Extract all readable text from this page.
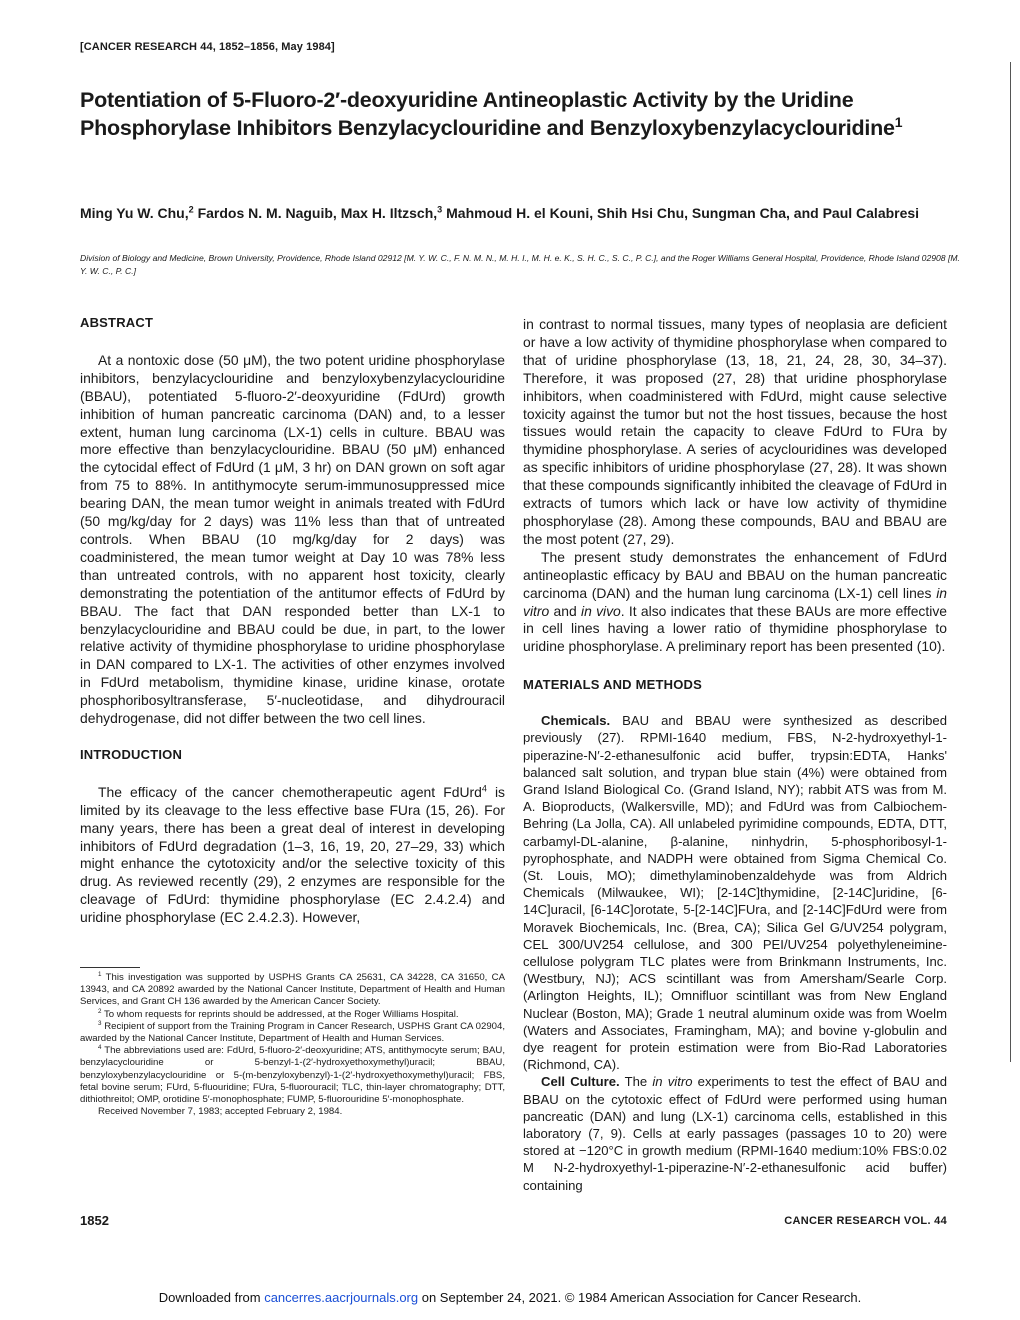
[CANCER RESEARCH 44, 1852–1856, May 1984]
Potentiation of 5-Fluoro-2′-deoxyuridine Antineoplastic Activity by the Uridine Phosphorylase Inhibitors Benzylacyclouridine and Benzyloxybenzylacyclouridine$^1$

Ming Yu W. Chu,$^2$ Fardos N. M. Naguib, Max H. Iltzsch,$^3$ Mahmoud H. el Kouni, Shih Hsi Chu, Sungman Cha, and Paul Calabresi

Division of Biology and Medicine, Brown University, Providence, Rhode Island 02912 [M. Y. W. C., F. N. M. N., M. H. I., M. H. e. K., S. H. C., S. C., P. C.], and the Roger Williams General Hospital, Providence, Rhode Island 02908 [M. Y. W. C., P. C.]

ABSTRACT

At a nontoxic dose (50 μM), the two potent uridine phosphorylase inhibitors, benzylacyclouridine and benzyloxybenzylacyclouridine (BBAU), potentiated 5-fluoro-2′-deoxyuridine (FdUrd) growth inhibition of human pancreatic carcinoma (DAN) and, to a lesser extent, human lung carcinoma (LX-1) cells in culture. BBAU was more effective than benzylacyclouridine. BBAU (50 μM) enhanced the cytocidal effect of FdUrd (1 μM, 3 hr) on DAN grown on soft agar from 75 to 88%. In antithymocyte serum-immunosuppressed mice bearing DAN, the mean tumor weight in animals treated with FdUrd (50 mg/kg/day for 2 days) was 11% less than that of untreated controls. When BBAU (10 mg/kg/day for 2 days) was coadministered, the mean tumor weight at Day 10 was 78% less than untreated controls, with no apparent host toxicity, clearly demonstrating the potentiation of the antitumor effects of FdUrd by BBAU. The fact that DAN responded better than LX-1 to benzylacyclouridine and BBAU could be due, in part, to the lower relative activity of thymidine phosphorylase to uridine phosphorylase in DAN compared to LX-1. The activities of other enzymes involved in FdUrd metabolism, thymidine kinase, uridine kinase, orotate phosphoribosyltransferase, 5′-nucleotidase, and dihydrouracil dehydrogenase, did not differ between the two cell lines.

INTRODUCTION

The efficacy of the cancer chemotherapeutic agent FdUrd$^4$ is limited by its cleavage to the less effective base FUra (15, 26). For many years, there has been a great deal of interest in developing inhibitors of FdUrd degradation (1–3, 16, 19, 20, 27–29, 33) which might enhance the cytotoxicity and/or the selective toxicity of this drug. As reviewed recently (29), 2 enzymes are responsible for the cleavage of FdUrd: thymidine phosphorylase (EC 2.4.2.4) and uridine phosphorylase (EC 2.4.2.3). However,

$^1$ This investigation was supported by USPHS Grants CA 25631, CA 34228, CA 31650, CA 13943, and CA 20892 awarded by the National Cancer Institute, Department of Health and Human Services, and Grant CH 136 awarded by the American Cancer Society.

$^2$ To whom requests for reprints should be addressed, at the Roger Williams Hospital.

$^3$ Recipient of support from the Training Program in Cancer Research, USPHS Grant CA 02904, awarded by the National Cancer Institute, Department of Health and Human Services.

$^4$ The abbreviations used are: FdUrd, 5-fluoro-2′-deoxyuridine; ATS, antithymocyte serum; BAU, benzylacyclouridine or 5-benzyl-1-(2′-hydroxyethoxymethyl)uracil; BBAU, benzyloxybenzylacyclouridine or 5-(m-benzyloxybenzyl)-1-(2′-hydroxyethoxymethyl)uracil; FBS, fetal bovine serum; FUrd, 5-fluouridine; FUra, 5-fluorouracil; TLC, thin-layer chromatography; DTT, dithiothreitol; OMP, orotidine 5′-monophosphate; FUMP, 5-fluorouridine 5′-monophosphate.

Received November 7, 1983; accepted February 2, 1984.

in contrast to normal tissues, many types of neoplasia are deficient or have a low activity of thymidine phosphorylase when compared to that of uridine phosphorylase (13, 18, 21, 24, 28, 30, 34–37). Therefore, it was proposed (27, 28) that uridine phosphorylase inhibitors, when coadministered with FdUrd, might cause selective toxicity against the tumor but not the host tissues, because the host tissues would retain the capacity to cleave FdUrd to FUra by thymidine phosphorylase. A series of acyclouridines was developed as specific inhibitors of uridine phosphorylase (27, 28). It was shown that these compounds significantly inhibited the cleavage of FdUrd in extracts of tumors which lack or have low activity of thymidine phosphorylase (28). Among these compounds, BAU and BBAU are the most potent (27, 29).

The present study demonstrates the enhancement of FdUrd antineoplastic efficacy by BAU and BBAU on the human pancreatic carcinoma (DAN) and the human lung carcinoma (LX-1) cell lines in vitro and in vivo. It also indicates that these BAUs are more effective in cell lines having a lower ratio of thymidine phosphorylase to uridine phosphorylase. A preliminary report has been presented (10).

MATERIALS AND METHODS

Chemicals. BAU and BBAU were synthesized as described previously (27). RPMI-1640 medium, FBS, N-2-hydroxyethyl-1-piperazine-N′-2-ethanesulfonic acid buffer, trypsin:EDTA, Hanks' balanced salt solution, and trypan blue stain (4%) were obtained from Grand Island Biological Co. (Grand Island, NY); rabbit ATS was from M. A. Bioproducts, (Walkersville, MD); and FdUrd was from Calbiochem-Behring (La Jolla, CA). All unlabeled pyrimidine compounds, EDTA, DTT, carbamyl-DL-alanine, β-alanine, ninhydrin, 5-phosphoribosyl-1-pyrophosphate, and NADPH were obtained from Sigma Chemical Co. (St. Louis, MO); dimethylaminobenzaldehyde was from Aldrich Chemicals (Milwaukee, WI); [2-14C]thymidine, [2-14C]uridine, [6-14C]uracil, [6-14C]orotate, 5-[2-14C]FUra, and [2-14C]FdUrd were from Moravek Biochemicals, Inc. (Brea, CA); Silica Gel G/UV254 polygram, CEL 300/UV254 cellulose, and 300 PEI/UV254 polyethyleneimine-cellulose polygram TLC plates were from Brinkmann Instruments, Inc. (Westbury, NJ); ACS scintillant was from Amersham/Searle Corp. (Arlington Heights, IL); Omnifluor scintillant was from New England Nuclear (Boston, MA); Grade 1 neutral aluminum oxide was from Woelm (Waters and Associates, Framingham, MA); and bovine γ-globulin and dye reagent for protein estimation were from Bio-Rad Laboratories (Richmond, CA).

Cell Culture. The in vitro experiments to test the effect of BAU and BBAU on the cytotoxic effect of FdUrd were performed using human pancreatic (DAN) and lung (LX-1) carcinoma cells, established in this laboratory (7, 9). Cells at early passages (passages 10 to 20) were stored at −120°C in growth medium (RPMI-1640 medium:10% FBS:0.02 M N-2-hydroxyethyl-1-piperazine-N′-2-ethanesulfonic acid buffer) containing

1852	CANCER RESEARCH VOL. 44
Downloaded from cancerres.aacrjournals.org on September 24, 2021. © 1984 American Association for Cancer Research.
